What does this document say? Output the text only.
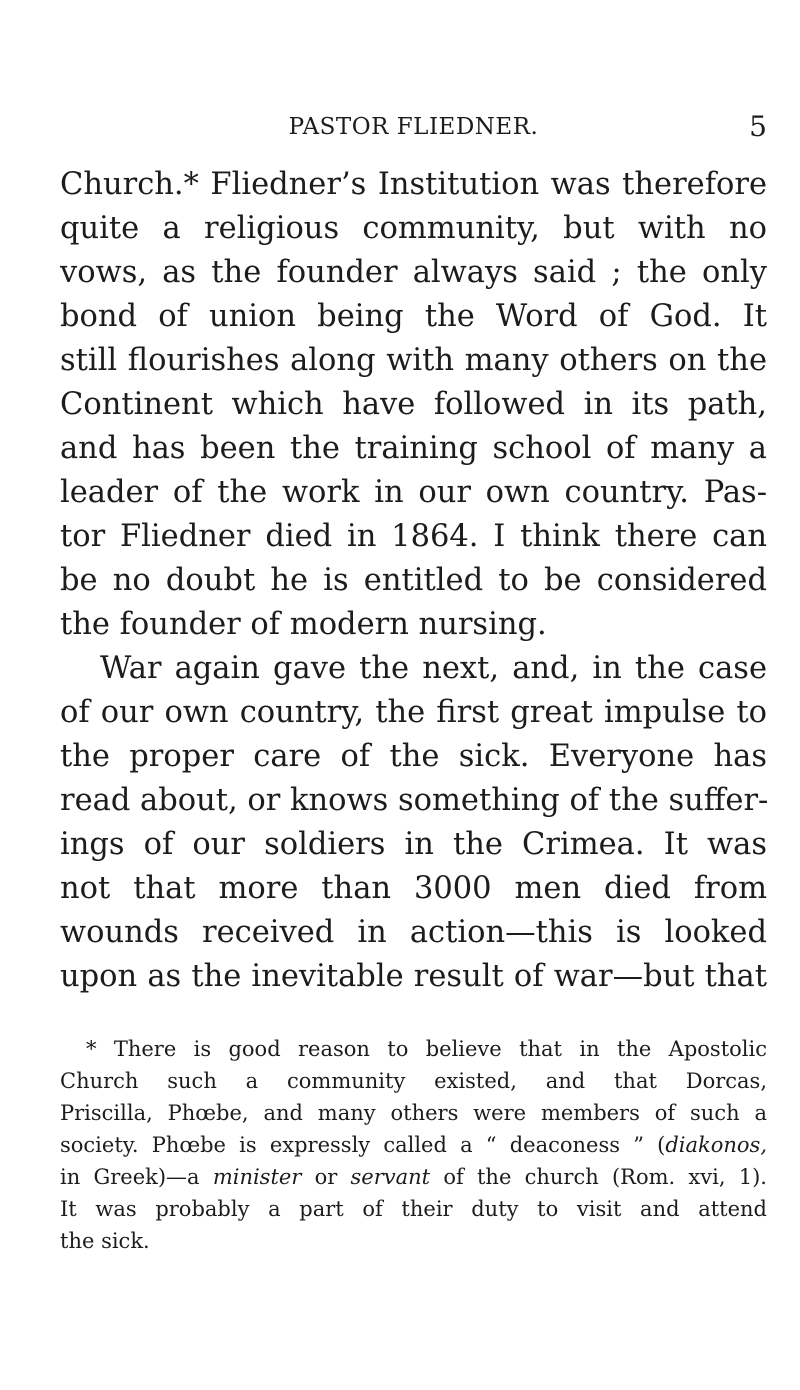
PASTOR FLIEDNER.	5
Church.* Fliedner’s Institution was therefore
quite a religious community, but with no
vows, as the founder always said ; the only
bond of union being the Word of God. It
still flourishes along with many others on the
Continent which have followed in its path,
and has been the training school of many a
leader of the work in our own country. Pas-
tor Fliedner died in 1864. I think there can
be no doubt he is entitled to be considered
the founder of modern nursing.
War again gave the next, and, in the case
of our own country, the first great impulse to
the proper care of the sick. Everyone has
read about, or knows something of the suffer-
ings of our soldiers in the Crimea. It was
not that more than 3000 men died from
wounds received in action—this is looked
upon as the inevitable result of war—but that
* There is good reason to believe that in the Apostolic
Church such a community existed, and that Dorcas,
Priscilla, Phœbe, and many others were members of such a
society. Phœbe is expressly called a “ deaconess ” (diakonos,
in Greek)—a minister or servant of the church (Rom. xvi, 1).
It was probably a part of their duty to visit and attend
the sick.
